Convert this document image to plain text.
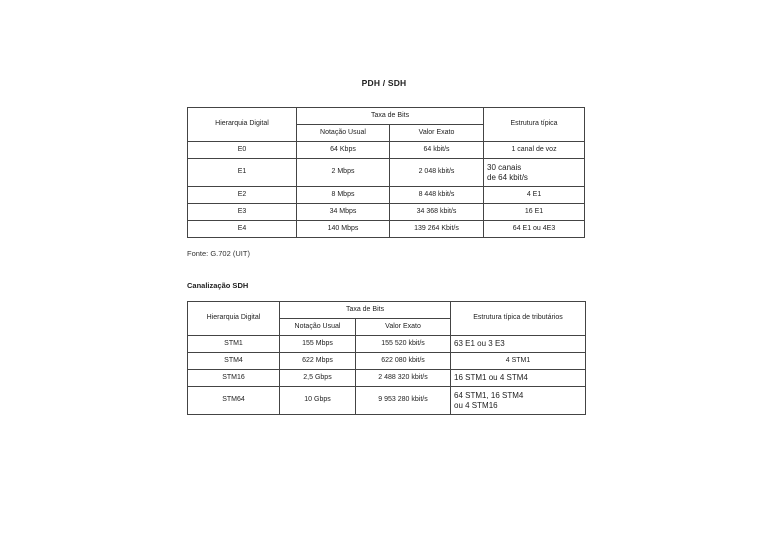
PDH / SDH
Hierarquia Digital	Taxa de Bits		Estrutura típica
	Notação Usual	Valor Exato	
E0	64 Kbps	64 kbit/s	1 canal de voz
E1	2 Mbps	2 048 kbit/s	30 canais
de 64 kbit/s
E2	8 Mbps	8 448 kbit/s	4 E1
E3	34 Mbps	34 368 kbit/s	16 E1
E4	140 Mbps	139 264 Kbit/s	64 E1 ou 4E3
Fonte: G.702 (UIT)
Canalização SDH
Hierarquia Digital	Taxa de Bits		Estrutura típica de tributários
	Notação Usual	Valor Exato	
STM1	155 Mbps	155 520 kbit/s	63 E1 ou 3 E3
STM4	622 Mbps	622 080 kbit/s	4 STM1
STM16	2,5 Gbps	2 488 320 kbit/s	16 STM1 ou 4 STM4
STM64	10 Gbps	9 953 280 kbit/s	64 STM1, 16 STM4
ou 4 STM16
